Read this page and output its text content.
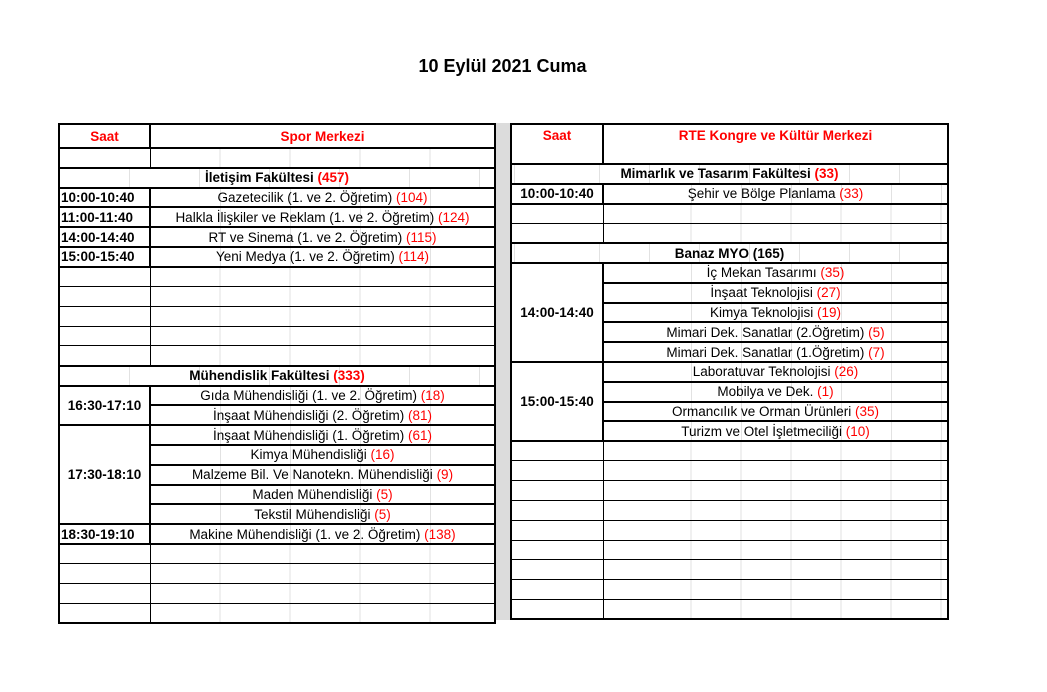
10 Eylül 2021 Cuma
Saat	Spor Merkezi

İletişim Fakültesi (457)	
10:00-10:40	Gazetecilik (1. ve 2. Öğretim) (104)
11:00-11:40	Halkla İlişkiler ve Reklam (1. ve 2. Öğretim) (124)
14:00-14:40	RT ve Sinema (1. ve 2. Öğretim) (115)
15:00-15:40	Yeni Medya (1. ve 2. Öğretim) (114)

Mühendislik Fakültesi (333)	
16:30-17:10	Gıda Mühendisliği (1. ve 2. Öğretim) (18)
	İnşaat Mühendisliği (2. Öğretim) (81)
17:30-18:10	İnşaat Mühendisliği (1. Öğretim) (61)
	Kimya Mühendisliği (16)
	Malzeme Bil. Ve Nanotekn. Mühendisliği (9)
	Maden Mühendisliği (5)
	Tekstil Mühendisliği (5)
18:30-19:10	Makine Mühendisliği (1. ve 2. Öğretim) (138)

Saat	RTE Kongre ve Kültür Merkezi
Mimarlık ve Tasarım Fakültesi (33)	
10:00-10:40	Şehir ve Bölge Planlama (33)

Banaz MYO (165)	
14:00-14:40	İç Mekan Tasarımı (35)
	İnşaat Teknolojisi (27)
	Kimya Teknolojisi (19)
	Mimari Dek. Sanatlar (2.Öğretim) (5)
	Mimari Dek. Sanatlar (1.Öğretim) (7)
15:00-15:40	Laboratuvar Teknolojisi (26)
	Mobilya ve Dek. (1)
	Ormancılık ve Orman Ürünleri (35)
	Turizm ve Otel İşletmeciliği (10)
